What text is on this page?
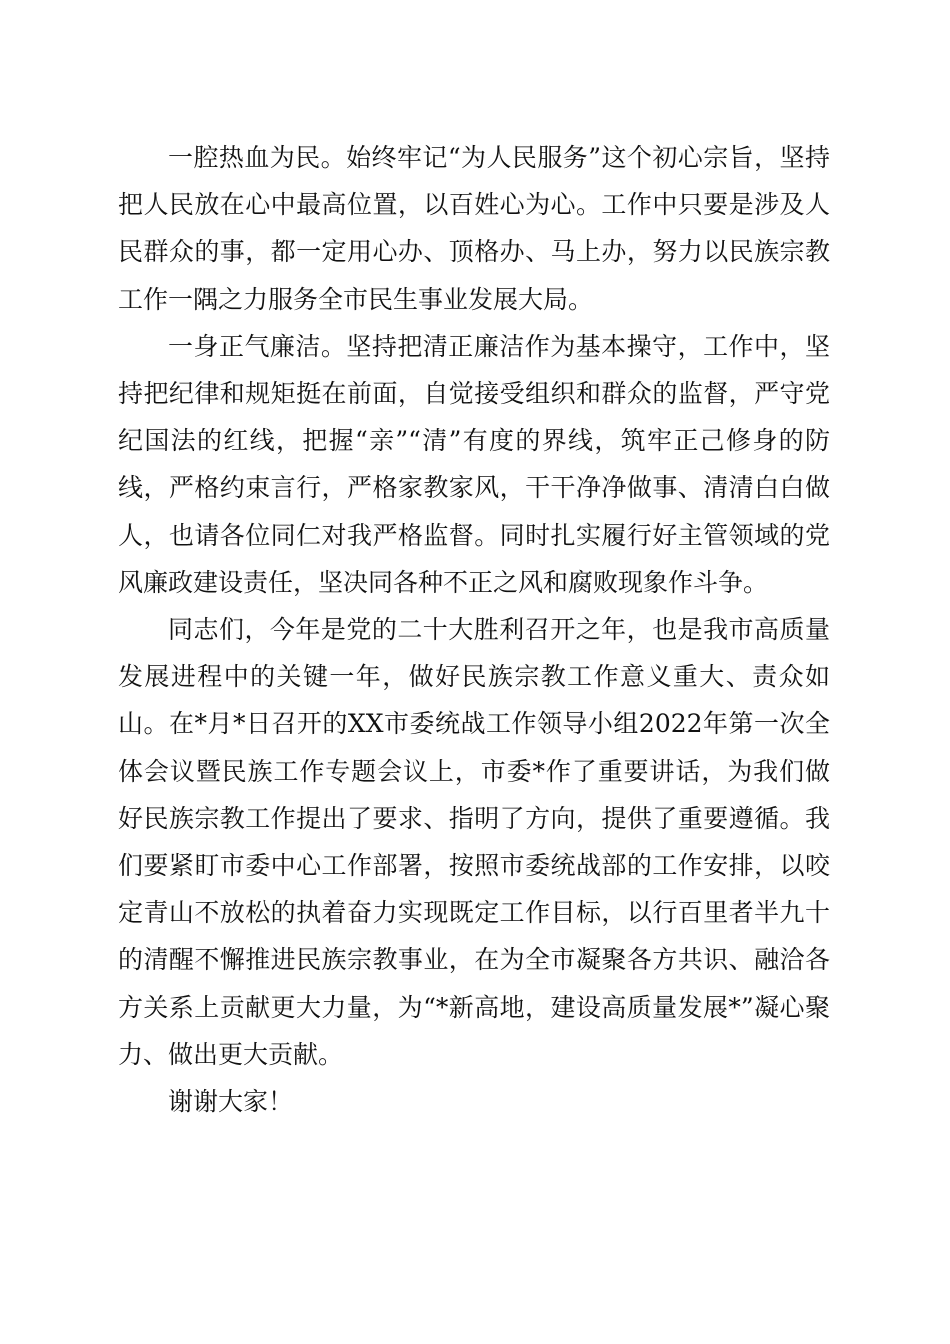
一腔热血为民。始终牢记“为人民服务”这个初心宗旨，坚持把人民放在心中最高位置，以百姓心为心。工作中只要是涉及人民群众的事，都一定用心办、顶格办、马上办，努力以民族宗教工作一隅之力服务全市民生事业发展大局。

一身正气廉洁。坚持把清正廉洁作为基本操守，工作中，坚持把纪律和规矩挺在前面，自觉接受组织和群众的监督，严守党纪国法的红线，把握“亲”“清”有度的界线，筑牢正己修身的防线，严格约束言行，严格家教家风，干干净净做事、清清白白做人，也请各位同仁对我严格监督。同时扎实履行好主管领域的党风廉政建设责任，坚决同各种不正之风和腐败现象作斗争。

同志们，今年是党的二十大胜利召开之年，也是我市高质量发展进程中的关键一年，做好民族宗教工作意义重大、责众如山。在*月*日召开的XX市委统战工作领导小组2022年第一次全体会议暨民族工作专题会议上，市委*作了重要讲话，为我们做好民族宗教工作提出了要求、指明了方向，提供了重要遵循。我们要紧盯市委中心工作部署，按照市委统战部的工作安排，以咬定青山不放松的执着奋力实现既定工作目标，以行百里者半九十的清醒不懈推进民族宗教事业，在为全市凝聚各方共识、融洽各方关系上贡献更大力量，为“*新高地，建设高质量发展*”凝心聚力、做出更大贡献。

谢谢大家！
